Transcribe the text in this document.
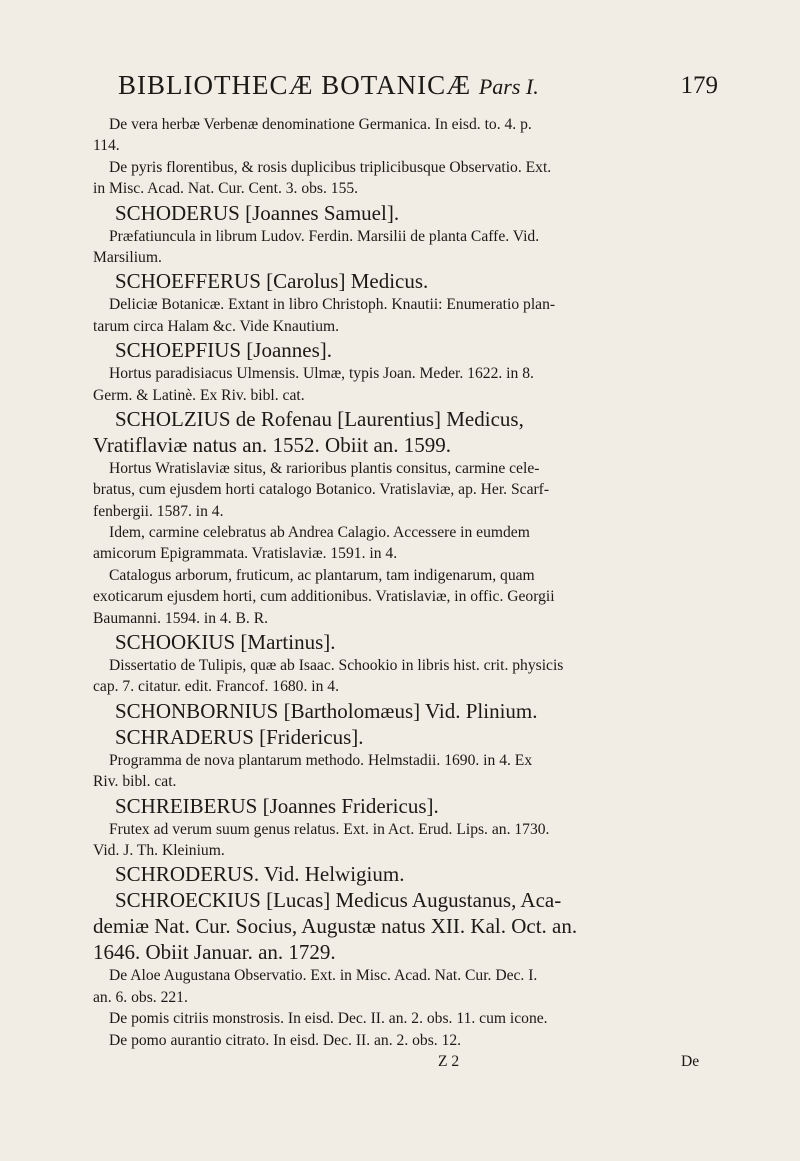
BIBLIOTHECÆ BOTANICÆ Pars I.	179
De vera herbæ Verbenæ denominatione Germanica. In eisd. to. 4. p.
114.
De pyris florentibus, & rosis duplicibus triplicibusque Observatio. Ext.
in Misc. Acad. Nat. Cur. Cent. 3. obs. 155.
SCHODERUS [Joannes Samuel].
Præfatiuncula in librum Ludov. Ferdin. Marsilii de planta Caffe. Vid.
Marsilium.
SCHOEFFERUS [Carolus] Medicus.
Deliciæ Botanicæ. Extant in libro Christoph. Knautii: Enumeratio plan-
tarum circa Halam &c. Vide Knautium.
SCHOEPFIUS [Joannes].
Hortus paradisiacus Ulmensis. Ulmæ, typis Joan. Meder. 1622. in 8.
Germ. & Latinè. Ex Riv. bibl. cat.
SCHOLZIUS de Rofenau [Laurentius] Medicus,
Vratiflaviæ natus an. 1552. Obiit an. 1599.
Hortus Wratislaviæ situs, & rarioribus plantis consitus, carmine cele-
bratus, cum ejusdem horti catalogo Botanico. Vratislaviæ, ap. Her. Scarf-
fenbergii. 1587. in 4.
Idem, carmine celebratus ab Andrea Calagio. Accessere in eumdem
amicorum Epigrammata. Vratislaviæ. 1591. in 4.
Catalogus arborum, fruticum, ac plantarum, tam indigenarum, quam
exoticarum ejusdem horti, cum additionibus. Vratislaviæ, in offic. Georgii
Baumanni. 1594. in 4. B. R.
SCHOOKIUS [Martinus].
Dissertatio de Tulipis, quæ ab Isaac. Schookio in libris hist. crit. physicis
cap. 7. citatur. edit. Francof. 1680. in 4.
SCHONBORNIUS [Bartholomæus] Vid. Plinium.
SCHRADERUS [Fridericus].
Programma de nova plantarum methodo. Helmstadii. 1690. in 4. Ex
Riv. bibl. cat.
SCHREIBERUS [Joannes Fridericus].
Frutex ad verum suum genus relatus. Ext. in Act. Erud. Lips. an. 1730.
Vid. J. Th. Kleinium.
SCHRODERUS. Vid. Helwigium.
SCHROECKIUS [Lucas] Medicus Augustanus, Aca-
demiæ Nat. Cur. Socius, Augustæ natus XII. Kal. Oct. an.
1646. Obiit Januar. an. 1729.
De Aloe Augustana Observatio. Ext. in Misc. Acad. Nat. Cur. Dec. I.
an. 6. obs. 221.
De pomis citriis monstrosis. In eisd. Dec. II. an. 2. obs. 11. cum icone.
De pomo aurantio citrato. In eisd. Dec. II. an. 2. obs. 12.
Z 2	De
